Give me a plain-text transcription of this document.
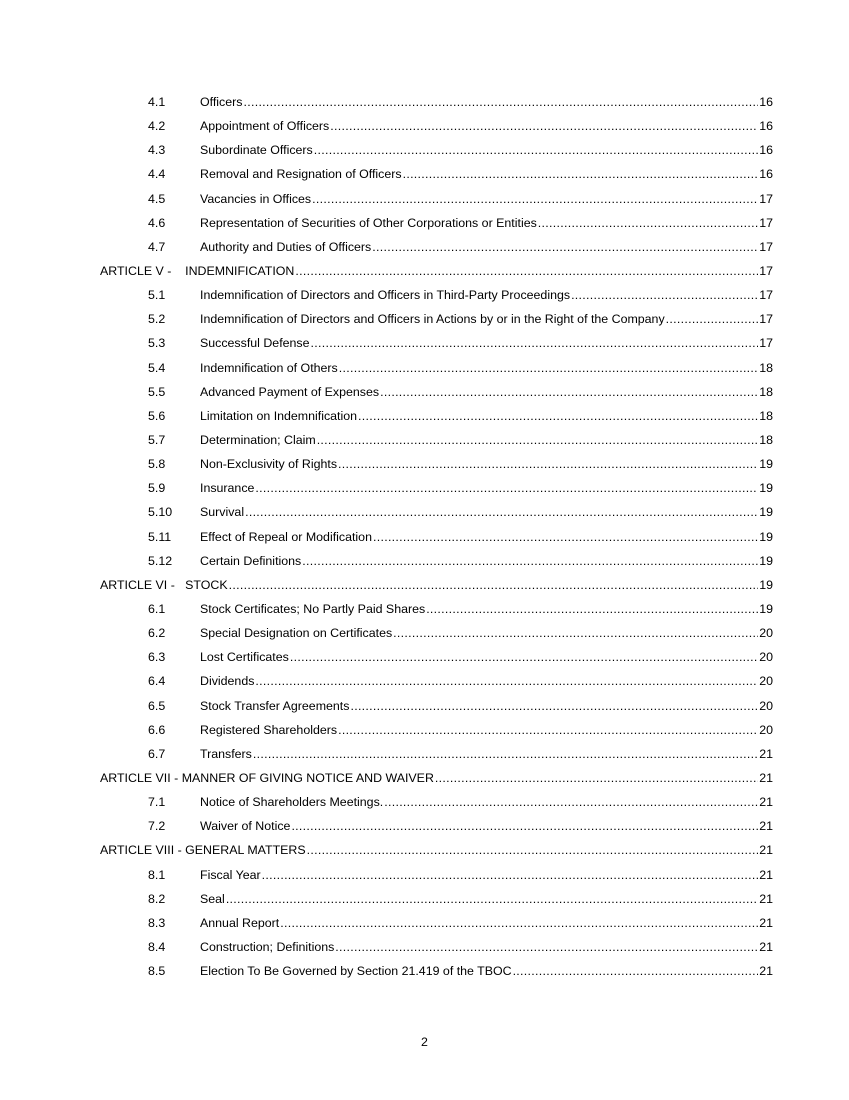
4.1	Officers .....	16
4.2	Appointment of Officers .....	16
4.3	Subordinate Officers .....	16
4.4	Removal and Resignation of Officers .....	16
4.5	Vacancies in Offices .....	17
4.6	Representation of Securities of Other Corporations or Entities .....	17
4.7	Authority and Duties of Officers .....	17
ARTICLE V -    INDEMNIFICATION .....	17
5.1	Indemnification of Directors and Officers in Third-Party Proceedings .....	17
5.2	Indemnification of Directors and Officers in Actions by or in the Right of the Company .....	17
5.3	Successful Defense .....	17
5.4	Indemnification of Others .....	18
5.5	Advanced Payment of Expenses .....	18
5.6	Limitation on Indemnification .....	18
5.7	Determination; Claim .....	18
5.8	Non-Exclusivity of Rights .....	19
5.9	Insurance .....	19
5.10 Survival .....	19
5.11 Effect of Repeal or Modification .....	19
5.12 Certain Definitions .....	19
ARTICLE VI -   STOCK .....	19
6.1	Stock Certificates; No Partly Paid Shares .....	19
6.2	Special Designation on Certificates .....	20
6.3	Lost Certificates .....	20
6.4	Dividends .....	20
6.5	Stock Transfer Agreements .....	20
6.6	Registered Shareholders .....	20
6.7	Transfers .....	21
ARTICLE VII - MANNER OF GIVING NOTICE AND WAIVER .....	21
7.1	Notice of Shareholders Meetings. .....	21
7.2	Waiver of Notice .....	21
ARTICLE VIII - GENERAL MATTERS .....	21
8.1	Fiscal Year .....	21
8.2	Seal .....	21
8.3	Annual Report .....	21
8.4	Construction; Definitions .....	21
8.5	Election To Be Governed by Section 21.419 of the TBOC .....	21
2
